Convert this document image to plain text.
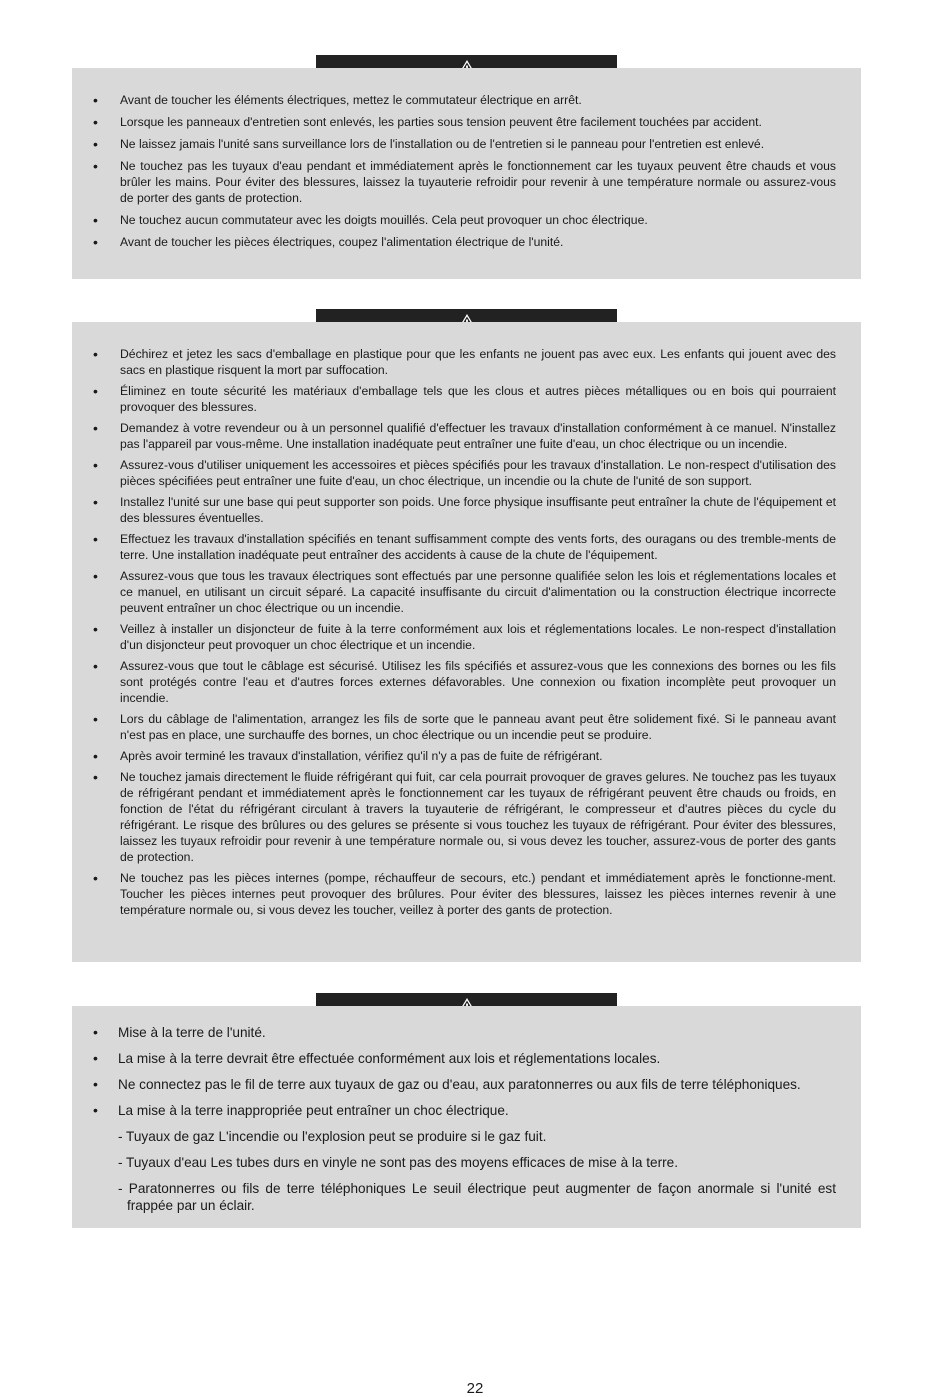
• Avant de toucher les éléments électriques, mettez le commutateur électrique en arrêt.
• Lorsque les panneaux d'entretien sont enlevés, les parties sous tension peuvent être facilement touchées par accident.
• Ne laissez jamais l'unité sans surveillance lors de l'installation ou de l'entretien si le panneau pour l'entretien est enlevé.
• Ne touchez pas les tuyaux d'eau pendant et immédiatement après le fonctionnement car les tuyaux peuvent être chauds et vous brûler les mains. Pour éviter des blessures, laissez la tuyauterie refroidir pour revenir à une température normale ou assurez-vous de porter des gants de protection.
• Ne touchez aucun commutateur avec les doigts mouillés. Cela peut provoquer un choc électrique.
• Avant de toucher les pièces électriques, coupez l'alimentation électrique de l'unité.
• Déchirez et jetez les sacs d'emballage en plastique pour que les enfants ne jouent pas avec eux. Les enfants qui jouent avec des sacs en plastique risquent la mort par suffocation.
• Éliminez en toute sécurité les matériaux d'emballage tels que les clous et autres pièces métalliques ou en bois qui pourraient provoquer des blessures.
• Demandez à votre revendeur ou à un personnel qualifié d'effectuer les travaux d'installation conformément à ce manuel. N'installez pas l'appareil par vous-même. Une installation inadéquate peut entraîner une fuite d'eau, un choc électrique ou un incendie.
• Assurez-vous d'utiliser uniquement les accessoires et pièces spécifiés pour les travaux d'installation. Le non-respect d'utilisation des pièces spécifiées peut entraîner une fuite d'eau, un choc électrique, un incendie ou la chute de l'unité de son support.
• Installez l'unité sur une base qui peut supporter son poids. Une force physique insuffisante peut entraîner la chute de l'équipement et des blessures éventuelles.
• Effectuez les travaux d'installation spécifiés en tenant suffisamment compte des vents forts, des ouragans ou des tremble-ments de terre. Une installation inadéquate peut entraîner des accidents à cause de la chute de l'équipement.
• Assurez-vous que tous les travaux électriques sont effectués par une personne qualifiée selon les lois et réglementations locales et ce manuel, en utilisant un circuit séparé. La capacité insuffisante du circuit d'alimentation ou la construction électrique incorrecte peuvent entraîner un choc électrique ou un incendie.
• Veillez à installer un disjoncteur de fuite à la terre conformément aux lois et réglementations locales. Le non-respect d'installation d'un disjoncteur peut provoquer un choc électrique et un incendie.
• Assurez-vous que tout le câblage est sécurisé. Utilisez les fils spécifiés et assurez-vous que les connexions des bornes ou les fils sont protégés contre l'eau et d'autres forces externes défavorables. Une connexion ou fixation incomplète peut provoquer un incendie.
• Lors du câblage de l'alimentation, arrangez les fils de sorte que le panneau avant peut être solidement fixé. Si le panneau avant n'est pas en place, une surchauffe des bornes, un choc électrique ou un incendie peut se produire.
• Après avoir terminé les travaux d'installation, vérifiez qu'il n'y a pas de fuite de réfrigérant.
• Ne touchez jamais directement le fluide réfrigérant qui fuit, car cela pourrait provoquer de graves gelures. Ne touchez pas les tuyaux de réfrigérant pendant et immédiatement après le fonctionnement car les tuyaux de réfrigérant peuvent être chauds ou froids, en fonction de l'état du réfrigérant circulant à travers la tuyauterie de réfrigérant, le compresseur et d'autres pièces du cycle du réfrigérant. Le risque des brûlures ou des gelures se présente si vous touchez les tuyaux de réfrigérant. Pour éviter des blessures, laissez les tuyaux refroidir pour revenir à une température normale ou, si vous devez les toucher, assurez-vous de porter des gants de protection.
• Ne touchez pas les pièces internes (pompe, réchauffeur de secours, etc.) pendant et immédiatement après le fonctionne-ment. Toucher les pièces internes peut provoquer des brûlures. Pour éviter des blessures, laissez les pièces internes revenir à une température normale ou, si vous devez les toucher, veillez à porter des gants de protection.
• Mise à la terre de l'unité.
• La mise à la terre devrait être effectuée conformément aux lois et réglementations locales.
• Ne connectez pas le fil de terre aux tuyaux de gaz ou d'eau, aux paratonnerres ou aux fils de terre téléphoniques.
• La mise à la terre inappropriée peut entraîner un choc électrique.
- Tuyaux de gaz L'incendie ou l'explosion peut se produire si le gaz fuit.
- Tuyaux d'eau Les tubes durs en vinyle ne sont pas des moyens efficaces de mise à la terre.
- Paratonnerres ou fils de terre téléphoniques Le seuil électrique peut augmenter de façon anormale si l'unité est frappée par un éclair.
22
